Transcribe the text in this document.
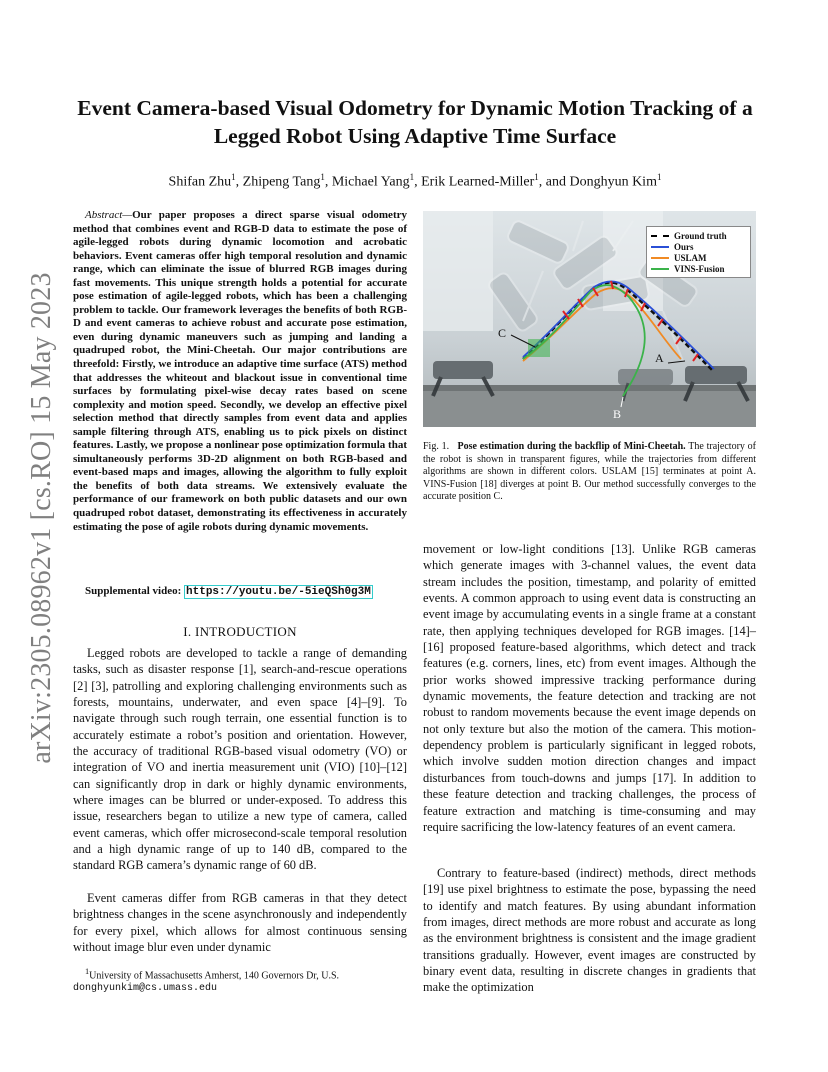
arXiv:2305.08962v1 [cs.RO] 15 May 2023
Event Camera-based Visual Odometry for Dynamic Motion Tracking of a Legged Robot Using Adaptive Time Surface
Shifan Zhu$^1$, Zhipeng Tang$^1$, Michael Yang$^1$, Erik Learned-Miller$^1$, and Donghyun Kim$^1$

Abstract—Our paper proposes a direct sparse visual odometry method that combines event and RGB-D data to estimate the pose of agile-legged robots during dynamic locomotion and acrobatic behaviors. Event cameras offer high temporal resolution and dynamic range, which can eliminate the issue of blurred RGB images during fast movements. This unique strength holds a potential for accurate pose estimation of agile-legged robots, which has been a challenging problem to tackle. Our framework leverages the benefits of both RGB-D and event cameras to achieve robust and accurate pose estimation, even during dynamic maneuvers such as jumping and landing a quadruped robot, the Mini-Cheetah. Our major contributions are threefold: Firstly, we introduce an adaptive time surface (ATS) method that addresses the whiteout and blackout issue in conventional time surfaces by formulating pixel-wise decay rates based on scene complexity and motion speed. Secondly, we develop an effective pixel selection method that directly samples from event data and applies sample filtering through ATS, enabling us to pick pixels on distinct features. Lastly, we propose a nonlinear pose optimization formula that simultaneously performs 3D-2D alignment on both RGB-based and event-based maps and images, allowing the algorithm to fully exploit the benefits of both data streams. We extensively evaluate the performance of our framework on both public datasets and our own quadruped robot dataset, demonstrating its effectiveness in accurately estimating the pose of agile robots during dynamic movements.

Supplemental video: https://youtu.be/-5ieQSh0g3M
I. INTRODUCTION

Legged robots are developed to tackle a range of demanding tasks, such as disaster response [1], search-and-rescue operations [2] [3], patrolling and exploring challenging environments such as forests, mountains, underwater, and even space [4]–[9]. To navigate through such rough terrain, one essential function is to accurately estimate a robot’s position and orientation. However, the accuracy of traditional RGB-based visual odometry (VO) or integration of VO and inertia measurement unit (VIO) [10]–[12] can significantly drop in dark or highly dynamic environments, where images can be blurred or under-exposed. To address this issue, researchers began to utilize a new type of camera, called event cameras, which offer microsecond-scale temporal resolution and a high dynamic range of up to 140 dB, compared to the standard RGB camera’s dynamic range of 60 dB.

Event cameras differ from RGB cameras in that they detect brightness changes in the scene asynchronously and independently for every pixel, which allows for almost continuous sensing without image blur even under dynamic

$^1$University of Massachusetts Amherst, 140 Governors Dr, U.S.
donghyunkim@cs.umass.edu
Ground truth
Ours
USLAM
VINS-Fusion
C
A
B
Fig. 1. Pose estimation during the backflip of Mini-Cheetah. The trajectory of the robot is shown in transparent figures, while the trajectories from different algorithms are shown in different colors. USLAM [15] terminates at point A. VINS-Fusion [18] diverges at point B. Our method successfully converges to the accurate position C.

movement or low-light conditions [13]. Unlike RGB cameras which generate images with 3-channel values, the event data stream includes the position, timestamp, and polarity of emitted events. A common approach to using event data is constructing an event image by accumulating events in a single frame at a constant rate, then applying techniques developed for RGB images. [14]–[16] proposed feature-based algorithms, which detect and track features (e.g. corners, lines, etc) from event images. Although the prior works showed impressive tracking performance during dynamic movements, the feature detection and tracking are not robust to random movements because the event image depends on not only texture but also the motion of the camera. This motion-dependency problem is particularly significant in legged robots, which involve sudden motion direction changes and impact disturbances from touch-downs and jumps [17]. In addition to these feature detection and tracking challenges, the process of feature extraction and matching is time-consuming and may require sacrificing the low-latency features of an event camera.

Contrary to feature-based (indirect) methods, direct methods [19] use pixel brightness to estimate the pose, bypassing the need to identify and match features. By using abundant information from images, direct methods are more robust and accurate as long as the environment brightness is consistent and the image gradient transitions gradually. However, event images are constructed by binary event data, resulting in discrete changes in gradients that make the optimization
